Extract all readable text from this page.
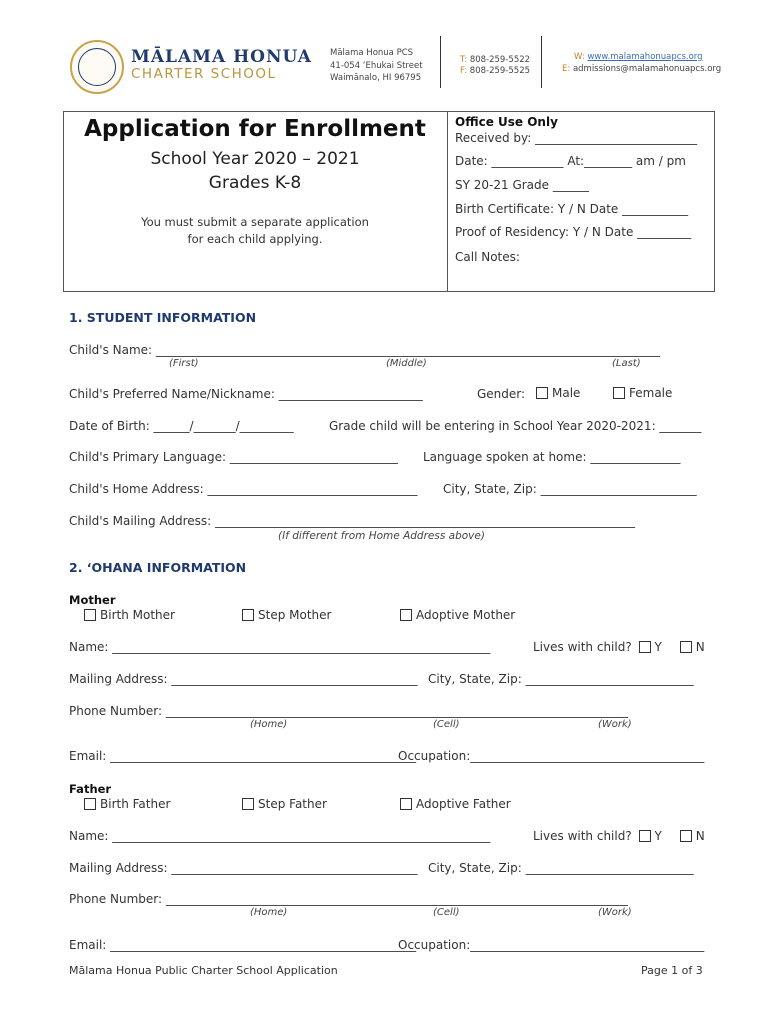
MĀLAMA HONUA
CHARTER SCHOOL
Mālama Honua PCS
41-054 ʻEhukai Street
Waimānalo, HI 96795
T: 808-259-5522
F: 808-259-5525
W: www.malamahonuapcs.org
E: admissions@malamahonuapcs.org
Application for Enrollment
School Year 2020 – 2021
Grades K-8
You must submit a separate application
for each child applying.
Office Use Only
Received by: ___________________________
Date: ____________ At:________ am / pm
SY 20-21 Grade ______
Birth Certificate: Y / N Date ___________
Proof of Residency: Y / N Date _________
Call Notes:
1. STUDENT INFORMATION
Child's Name: ____________________________________________________________________________________
(First)	(Middle)	(Last)
Child's Preferred Name/Nickname: ________________________	Gender:	Male	Female
Date of Birth: ______/_______/_________	Grade child will be entering in School Year 2020-2021: _______
Child's Primary Language: ____________________________ Language spoken at home: _______________
Child's Home Address: ___________________________________ City, State, Zip: __________________________
Child's Mailing Address: ______________________________________________________________________
(If different from Home Address above)
2. ʻOHANA INFORMATION
Mother
Birth Mother	Step Mother	Adoptive Mother
Name: _______________________________________________________________	Lives with child? Y	N
Mailing Address: _________________________________________ City, State, Zip: ____________________________
Phone Number: _____________________________________________________________________________
(Home)	(Cell)	(Work)
Email: ___________________________________________________
Occupation:_______________________________________
Father
Birth Father	Step Father	Adoptive Father
Name: _______________________________________________________________	Lives with child? Y	N
Mailing Address: _________________________________________ City, State, Zip: ____________________________
Phone Number: _____________________________________________________________________________
(Home)	(Cell)	(Work)
Email: ___________________________________________________
Occupation:_______________________________________
Mālama Honua Public Charter School Application	Page 1 of 3
